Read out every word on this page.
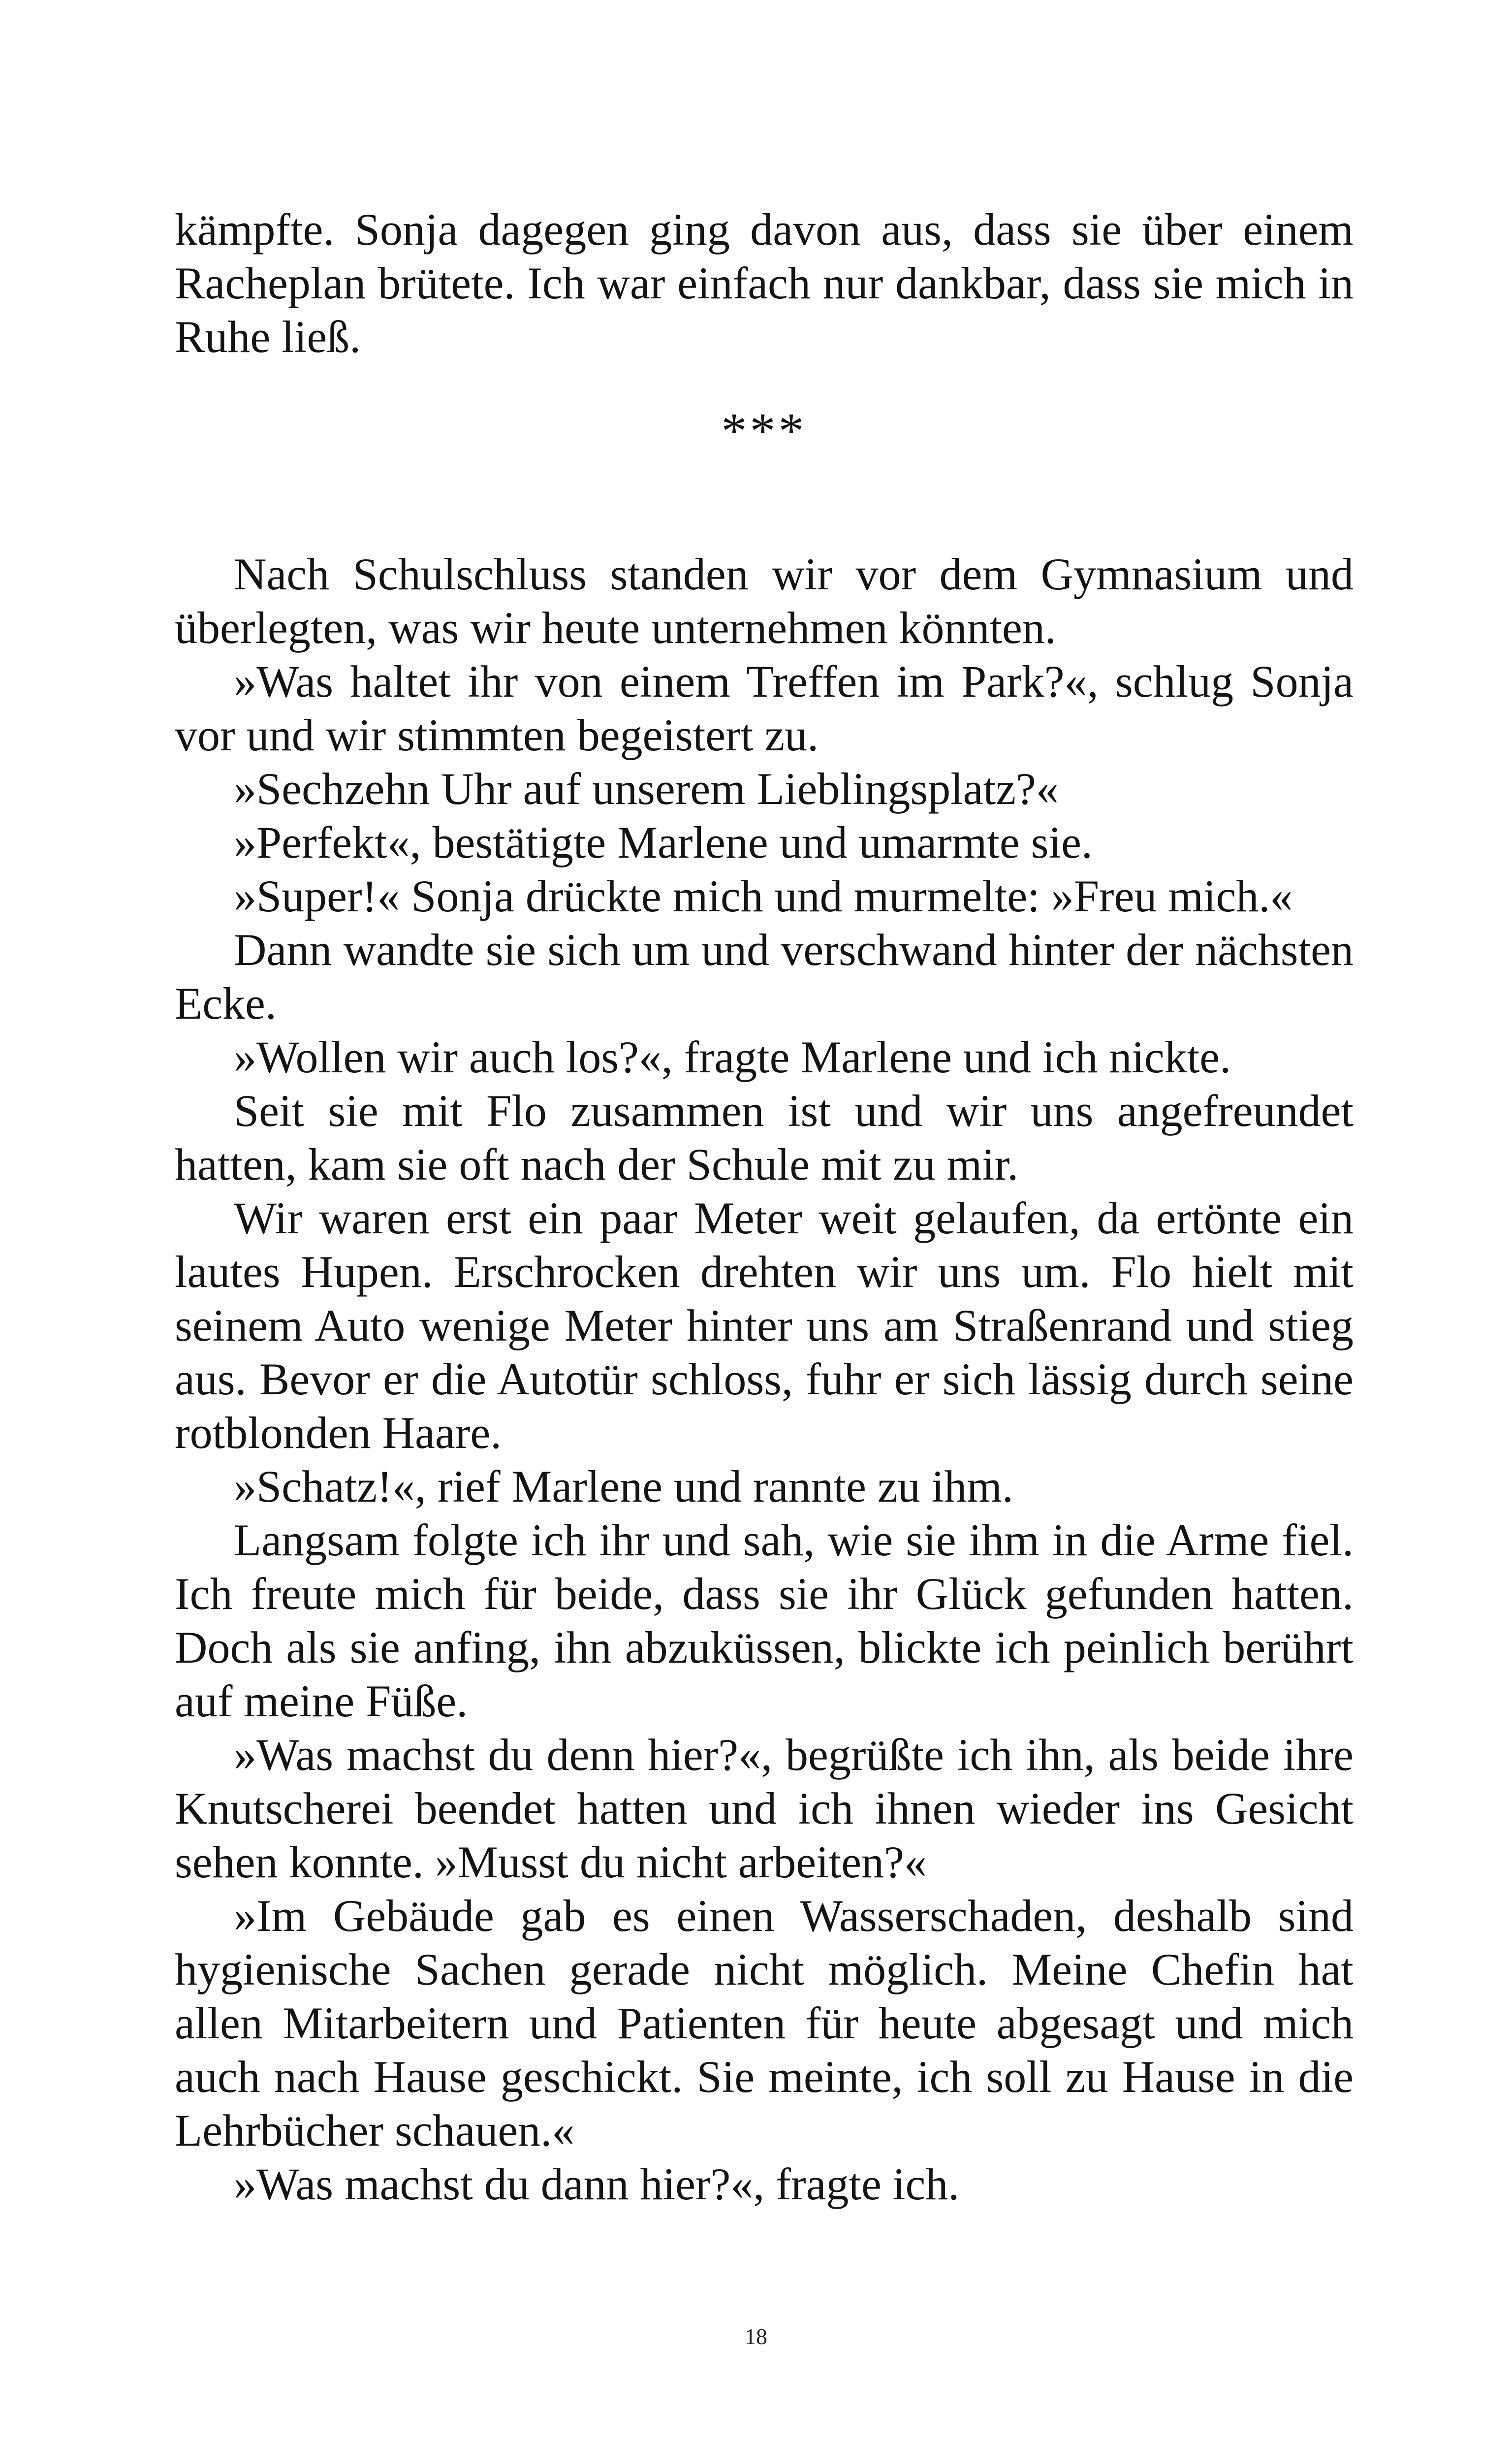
kämpfte. Sonja dagegen ging davon aus, dass sie über einem Racheplan brütete. Ich war einfach nur dankbar, dass sie mich in Ruhe ließ.

***

Nach Schulschluss standen wir vor dem Gymnasium und überlegten, was wir heute unternehmen könnten.

»Was haltet ihr von einem Treffen im Park?«, schlug Sonja vor und wir stimmten begeistert zu.

»Sechzehn Uhr auf unserem Lieblingsplatz?«

»Perfekt«, bestätigte Marlene und umarmte sie.

»Super!« Sonja drückte mich und murmelte: »Freu mich.«

Dann wandte sie sich um und verschwand hinter der nächsten Ecke.

»Wollen wir auch los?«, fragte Marlene und ich nickte.

Seit sie mit Flo zusammen ist und wir uns angefreundet hatten, kam sie oft nach der Schule mit zu mir.

Wir waren erst ein paar Meter weit gelaufen, da ertönte ein lautes Hupen. Erschrocken drehten wir uns um. Flo hielt mit seinem Auto wenige Meter hinter uns am Straßenrand und stieg aus. Bevor er die Autotür schloss, fuhr er sich lässig durch seine rotblonden Haare.

»Schatz!«, rief Marlene und rannte zu ihm.

Langsam folgte ich ihr und sah, wie sie ihm in die Arme fiel. Ich freute mich für beide, dass sie ihr Glück gefunden hatten. Doch als sie anfing, ihn abzuküssen, blickte ich peinlich berührt auf meine Füße.

»Was machst du denn hier?«, begrüßte ich ihn, als beide ihre Knutscherei beendet hatten und ich ihnen wieder ins Gesicht sehen konnte. »Musst du nicht arbeiten?«

»Im Gebäude gab es einen Wasserschaden, deshalb sind hygienische Sachen gerade nicht möglich. Meine Chefin hat allen Mitarbeitern und Patienten für heute abgesagt und mich auch nach Hause geschickt. Sie meinte, ich soll zu Hause in die Lehrbücher schauen.«

»Was machst du dann hier?«, fragte ich.

18
